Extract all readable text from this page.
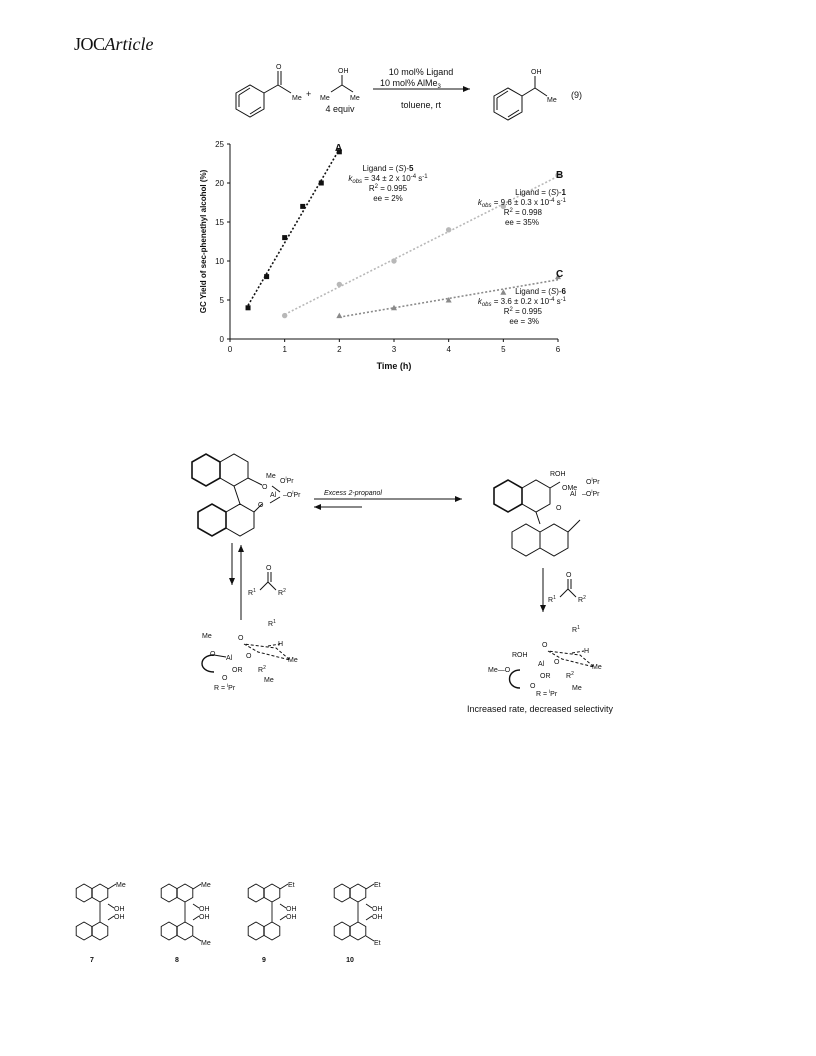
JOCArticle
O
Me +
OH
Me	Me
4 equiv
10 mol% Ligand
10 mol% AlMe$_3$
toluene, rt
OH
Me
(9)
0	1	2	3	4	5	6
0
5
10
15
20
25
Time (h)
GC Yield of sec-phenethyl alcohol (%)
A
Ligand = (S)-5
$k_{obs} = 34 \pm 2$ x $10^{-4}$ $s^{-1}$
$R^2 = 0.995$
ee = 2%
B
Ligand = (S)-1
$k_{obs} = 9.6 \pm 0.3$ x $10^{-4}$ $s^{-1}$
$R^2 = 0.998$
ee = 35%
C
Ligand = (S)-6
$k_{obs} = 3.6 \pm 0.2$ x $10^{-4}$ $s^{-1}$
$R^2 = 0.995$
ee = 3%
Me
O
$O^iPr$
Al $-O^iPr$
O
Excess 2-propanol
ROH
OMe
$O^iPr$
Al $-O^iPr$
O
O
$R^1$	$R^2$
O
$R^1$	$R^2$
$R^1$
Me	O
H
O
Al O
Me
OR $R^2$
O	Me
R = $^i$Pr
$R^1$
O
H
ROH
Al O
Me
Me—O
OR $R^2$
O	Me
R = $^i$Pr
Increased rate, decreased selectivity
Me
OH
OH
7
Me
OH
OH
Me
8
Et
OH
OH
9
Et
OH
OH
Et
10
